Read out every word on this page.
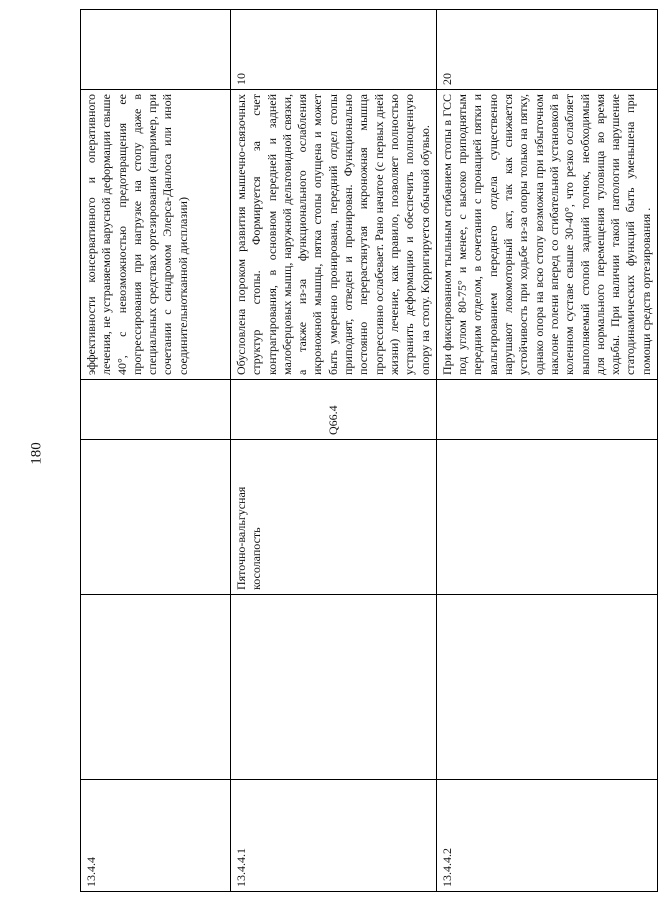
180
13.4.4				эффективности консервативного и оперативного лечения, не устраняемой варусной деформации свыше 40°, с невозможностью предотвращения ее прогрессирования при нагрузке на стопу даже в специальных средствах ортезирования (например, при сочетании с синдромом Элерса-Данлоса или иной соединительнотканной дисплазии)	
13.4.4.1		Пяточно-вальгусная косолапость	Q66.4	Обусловлена пороком развития мышечно-связочных структур стопы. Формируется за счет контрагирования, в основном передней и задней малоберцовых мышц, наружной дельтовидной связки, а также из-за функционального ослабления икроножной мышцы, пятка стопы опущена и может быть умеренно пронирована, передний отдел стопы приподнят, отведен и пронирован. Функционально постоянно перерастянутая икроножная мышца прогрессивно ослабевает. Рано начатое (с первых дней жизни) лечение, как правило, позволяет полностью устранить деформацию и обеспечить полноценную опору на стопу. Корригируется обычной обувью.	10
13.4.4.2				При фиксированном тыльным сгибанием стопы в ГСС под углом 80-75° и менее, с высоко приподнятым передним отделом, в сочетании с пронацией пятки и вальгированием переднего отдела существенно нарушают локомоторный акт, так как снижается устойчивость при ходьбе из-за опоры только на пятку, однако опора на всю стопу возможна при избыточном наклоне голени вперед со сгибательной установкой в коленном суставе свыше 30-40°, что резко ослабляет выполняемый стопой задний толчок, необходимый для нормального перемещения туловища во время ходьбы. При наличии такой патологии нарушение статодинамических функций быть уменьшена при помощи средств ортезирования .	20
